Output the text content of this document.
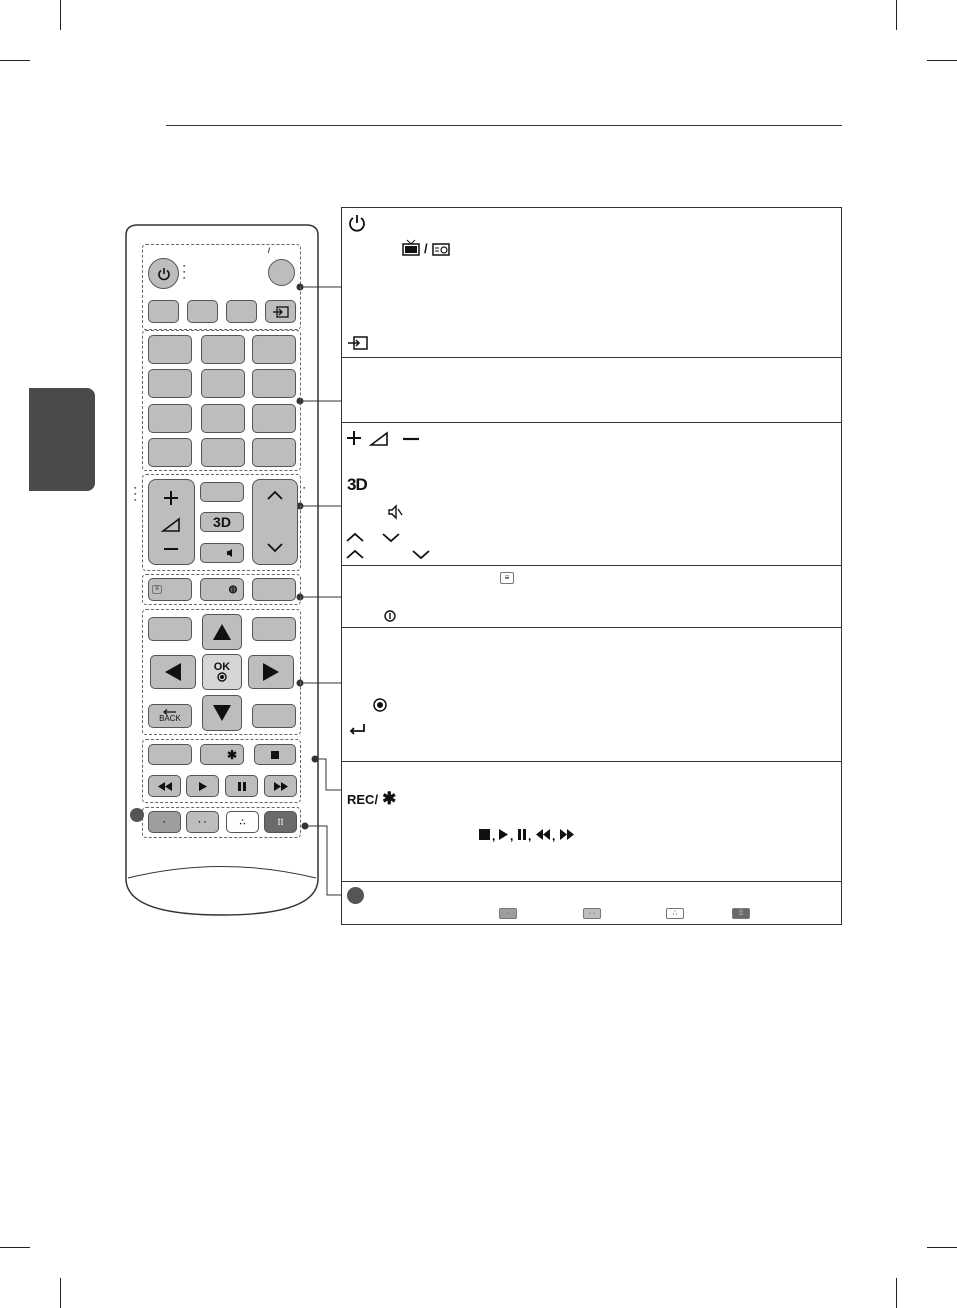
▪
▪
▪
/
▪
▪
▪
▪
3D
≡	◍
OK
BACK
✱
·	· ·	∴	⁞⁞
/
3D
≡
REC/ ✱
, , , ,
·	· ·	∴	⁞⁞
